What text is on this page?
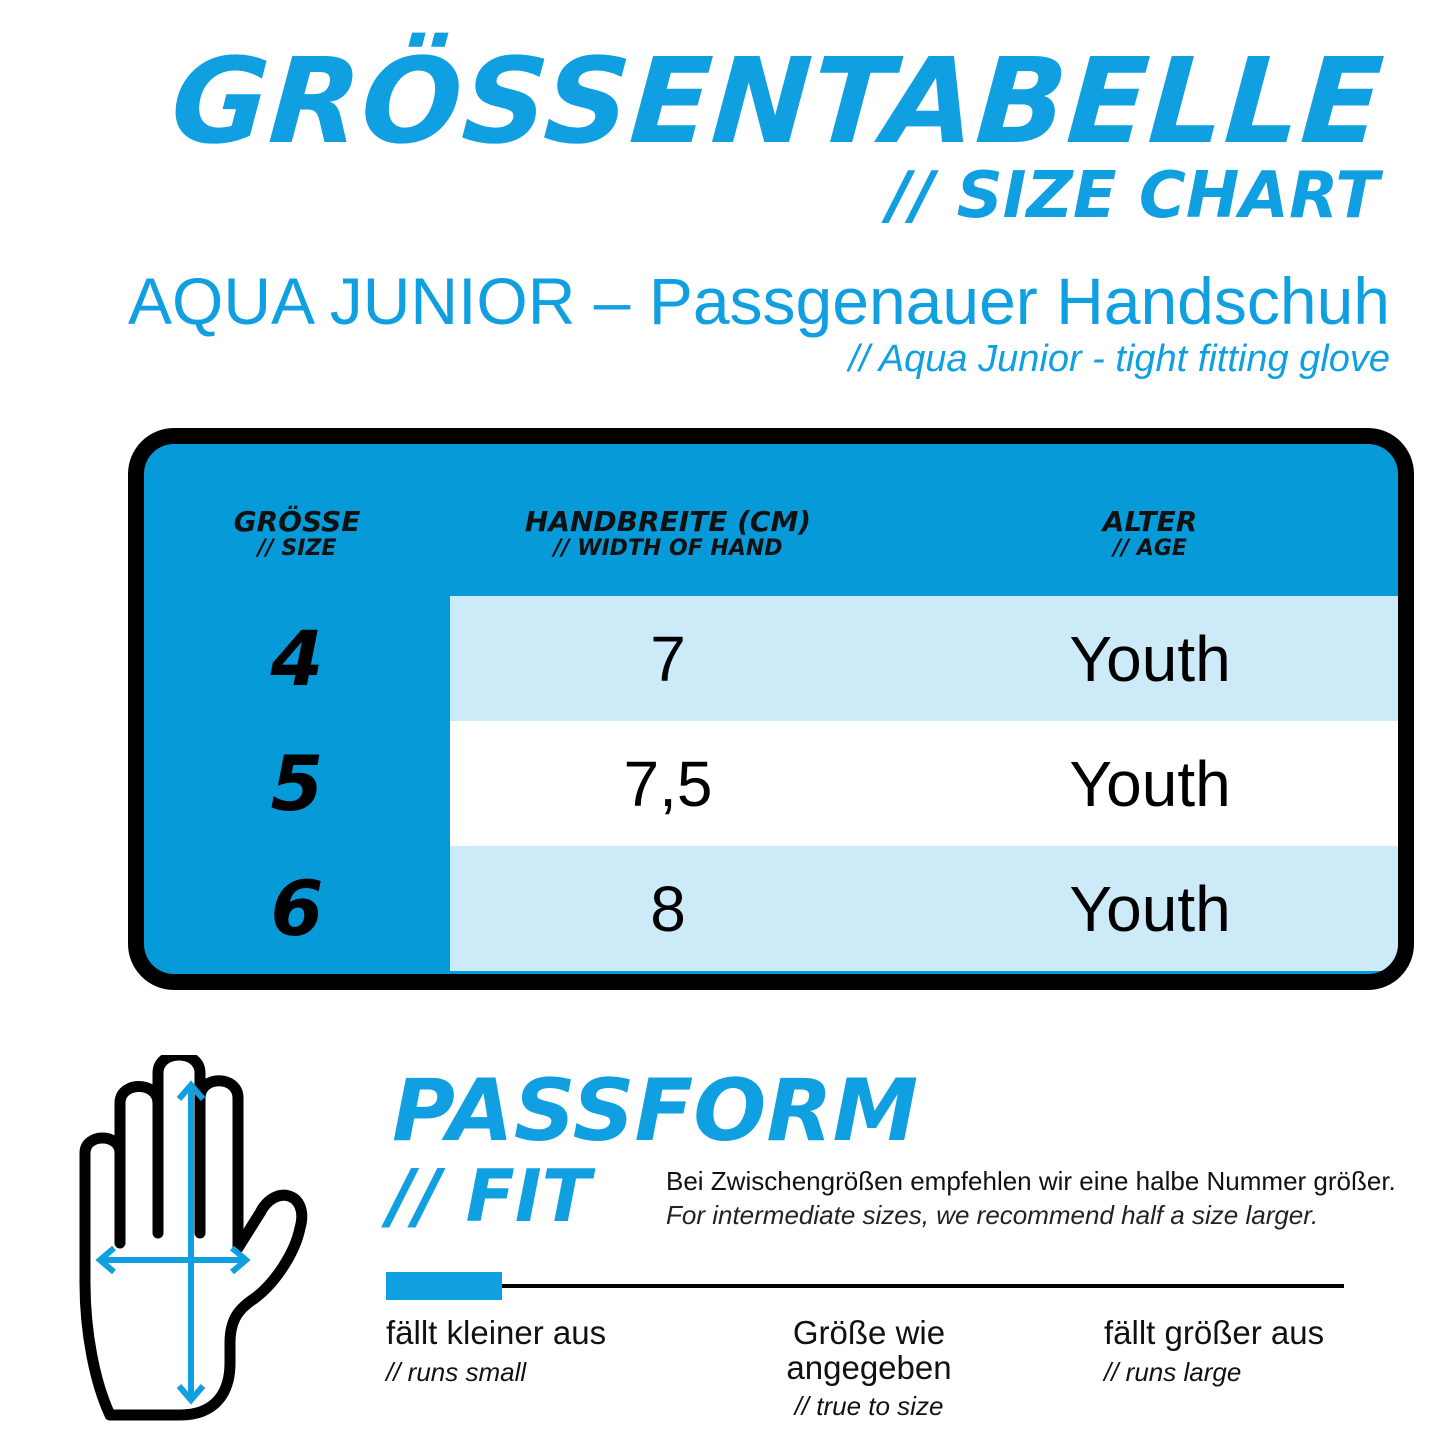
GRÖSSENTABELLE
// SIZE CHART
AQUA JUNIOR – Passgenauer Handschuh
// Aqua Junior - tight fitting glove
GRÖSSE
// SIZE
HANDBREITE (CM)
// WIDTH OF HAND
ALTER
// AGE
4	7	Youth
5	7,5	Youth
6	8	Youth
PASSFORM
// FIT	Bei Zwischengrößen empfehlen wir eine halbe Nummer größer.
For intermediate sizes, we recommend half a size larger.
fällt kleiner aus
// runs small
Größe wie
angegeben
// true to size
fällt größer aus
// runs large
